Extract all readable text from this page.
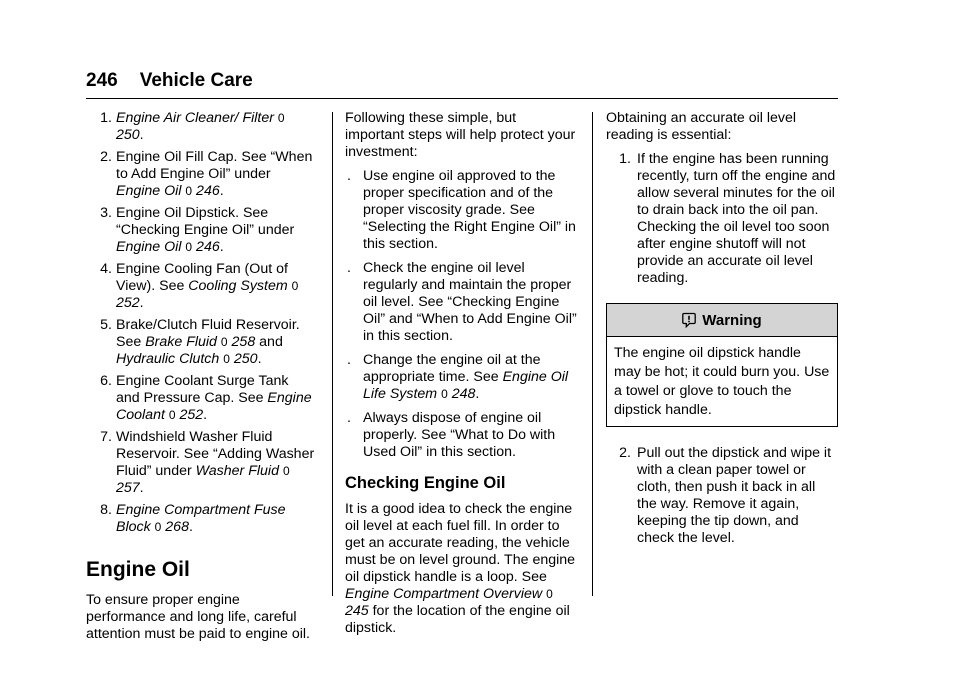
246 Vehicle Care
1. Engine Air Cleaner/ Filter 0 250.
2. Engine Oil Fill Cap. See “When to Add Engine Oil” under Engine Oil 0 246.
3. Engine Oil Dipstick. See “Checking Engine Oil” under Engine Oil 0 246.
4. Engine Cooling Fan (Out of View). See Cooling System 0 252.
5. Brake/Clutch Fluid Reservoir. See Brake Fluid 0 258 and Hydraulic Clutch 0 250.
6. Engine Coolant Surge Tank and Pressure Cap. See Engine Coolant 0 252.
7. Windshield Washer Fluid Reservoir. See “Adding Washer Fluid” under Washer Fluid 0 257.
8. Engine Compartment Fuse Block 0 268.
Engine Oil

To ensure proper engine performance and long life, careful attention must be paid to engine oil.

Following these simple, but important steps will help protect your investment:

. Use engine oil approved to the proper specification and of the proper viscosity grade. See “Selecting the Right Engine Oil” in this section.
. Check the engine oil level regularly and maintain the proper oil level. See “Checking Engine Oil” and “When to Add Engine Oil” in this section.
. Change the engine oil at the appropriate time. See Engine Oil Life System 0 248.
. Always dispose of engine oil properly. See “What to Do with Used Oil” in this section.
Checking Engine Oil

It is a good idea to check the engine oil level at each fuel fill. In order to get an accurate reading, the vehicle must be on level ground. The engine oil dipstick handle is a loop. See Engine Compartment Overview 0 245 for the location of the engine oil dipstick.

Obtaining an accurate oil level reading is essential:

1. If the engine has been running recently, turn off the engine and allow several minutes for the oil to drain back into the oil pan. Checking the oil level too soon after engine shutoff will not provide an accurate oil level reading.
Warning
The engine oil dipstick handle may be hot; it could burn you. Use a towel or glove to touch the dipstick handle.
2. Pull out the dipstick and wipe it with a clean paper towel or cloth, then push it back in all the way. Remove it again, keeping the tip down, and check the level.
